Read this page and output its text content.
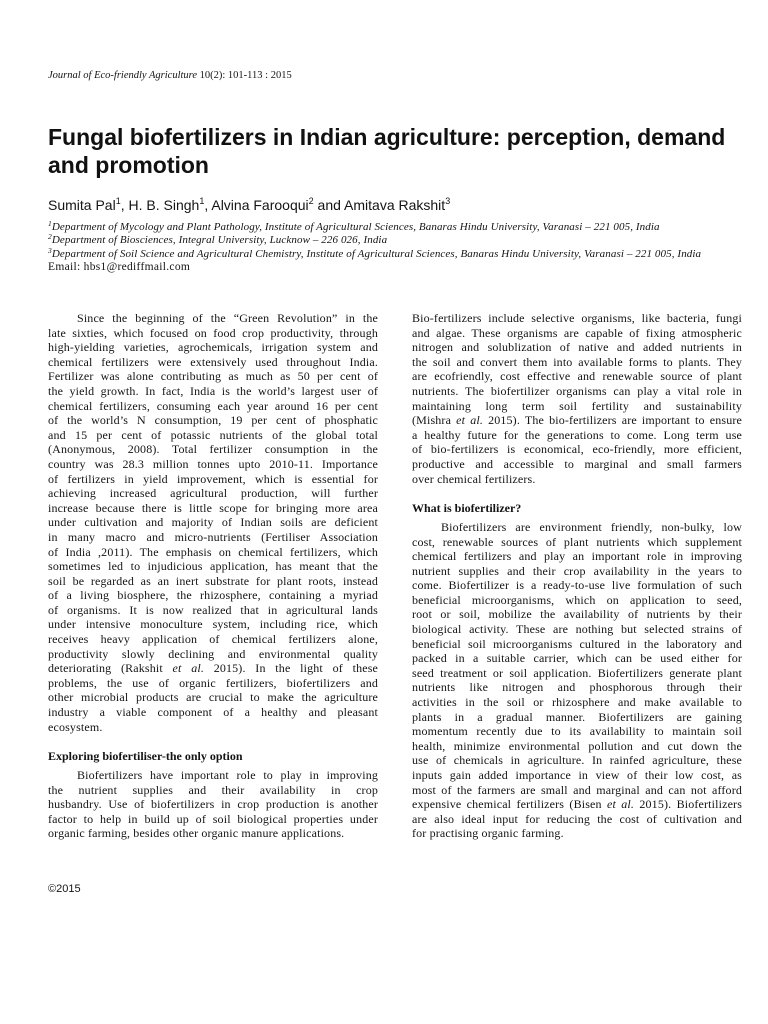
Journal of Eco-friendly Agriculture 10(2): 101-113 : 2015
Fungal biofertilizers in Indian agriculture: perception, demand and promotion
Sumita Pal$^1$, H. B. Singh$^1$, Alvina Farooqui$^2$ and Amitava Rakshit$^3$
$^1$Department of Mycology and Plant Pathology, Institute of Agricultural Sciences, Banaras Hindu University, Varanasi – 221 005, India
$^2$Department of Biosciences, Integral University, Lucknow – 226 026, India
$^3$Department of Soil Science and Agricultural Chemistry, Institute of Agricultural Sciences, Banaras Hindu University, Varanasi – 221 005, India
Email: hbs1@rediffmail.com
Since the beginning of the “Green Revolution” in the
late sixties, which focused on food crop productivity, through
high-yielding varieties, agrochemicals, irrigation system and
chemical fertilizers were extensively used throughout India.
Fertilizer was alone contributing as much as 50 per cent of
the yield growth. In fact, India is the world’s largest user of
chemical fertilizers, consuming each year around 16 per cent
of the world’s N consumption, 19 per cent of phosphatic
and 15 per cent of potassic nutrients of the global total
(Anonymous, 2008). Total fertilizer consumption in the
country was 28.3 million tonnes upto 2010-11. Importance
of fertilizers in yield improvement, which is essential for
achieving increased agricultural production, will further
increase because there is little scope for bringing more area
under cultivation and majority of Indian soils are deficient
in many macro and micro-nutrients (Fertiliser Association
of India ,2011). The emphasis on chemical fertilizers, which
sometimes led to injudicious application, has meant that the
soil be regarded as an inert substrate for plant roots, instead
of a living biosphere, the rhizosphere, containing a myriad
of organisms. It is now realized that in agricultural lands
under intensive monoculture system, including rice, which
receives heavy application of chemical fertilizers alone,
productivity slowly declining and environmental quality
deteriorating (Rakshit et al. 2015). In the light of these
problems, the use of organic fertilizers, biofertilizers and
other microbial products are crucial to make the agriculture
industry a viable component of a healthy and pleasant
ecosystem.
Exploring biofertiliser-the only option
Biofertilizers have important role to play in improving
the nutrient supplies and their availability in crop
husbandry. Use of biofertilizers in crop production is another
factor to help in build up of soil biological properties under
organic farming, besides other organic manure applications.
Bio-fertilizers include selective organisms, like bacteria, fungi
and algae. These organisms are capable of fixing atmospheric
nitrogen and solublization of native and added nutrients in
the soil and convert them into available forms to plants. They
are ecofriendly, cost effective and renewable source of plant
nutrients. The biofertilizer organisms can play a vital role in
maintaining long term soil fertility and sustainability
(Mishra et al. 2015). The bio-fertilizers are important to ensure
a healthy future for the generations to come. Long term use
of bio-fertilizers is economical, eco-friendly, more efficient,
productive and accessible to marginal and small farmers
over chemical fertilizers.
What is biofertilizer?
Biofertilizers are environment friendly, non-bulky, low
cost, renewable sources of plant nutrients which supplement
chemical fertilizers and play an important role in improving
nutrient supplies and their crop availability in the years to
come. Biofertilizer is a ready-to-use live formulation of such
beneficial microorganisms, which on application to seed,
root or soil, mobilize the availability of nutrients by their
biological activity. These are nothing but selected strains of
beneficial soil microorganisms cultured in the laboratory and
packed in a suitable carrier, which can be used either for
seed treatment or soil application. Biofertilizers generate plant
nutrients like nitrogen and phosphorous through their
activities in the soil or rhizosphere and make available to
plants in a gradual manner. Biofertilizers are gaining
momentum recently due to its availability to maintain soil
health, minimize environmental pollution and cut down the
use of chemicals in agriculture. In rainfed agriculture, these
inputs gain added importance in view of their low cost, as
most of the farmers are small and marginal and can not afford
expensive chemical fertilizers (Bisen et al. 2015). Biofertilizers
are also ideal input for reducing the cost of cultivation and
for practising organic farming.
©2015
